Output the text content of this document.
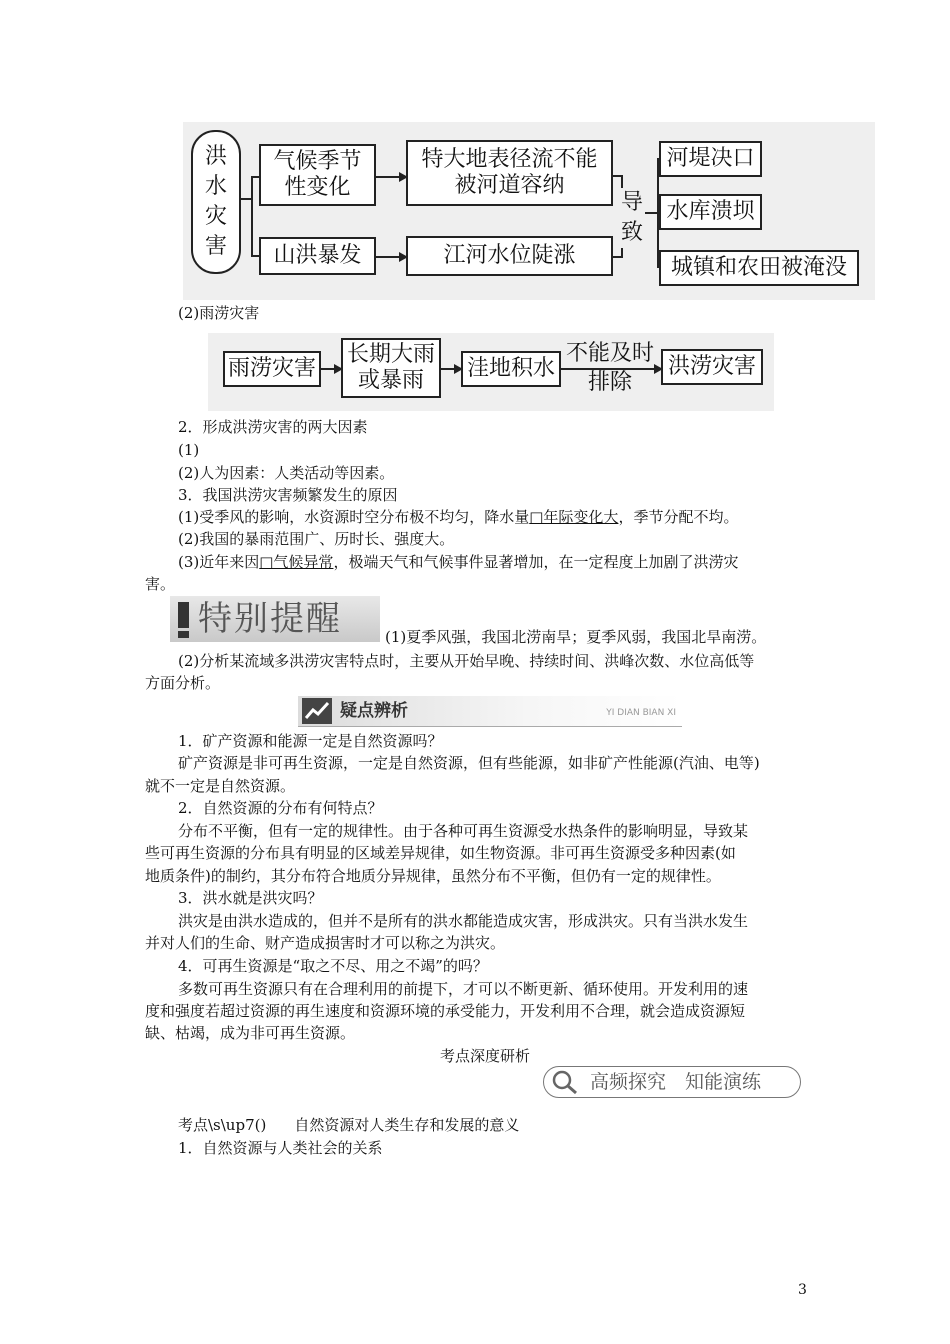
洪水灾害
气候季节性变化
山洪暴发
特大地表径流不能被河道容纳
江河水位陡涨
导致
河堤决口
水库溃坝
城镇和农田被淹没
(2)雨涝灾害
雨涝灾害
长期大雨或暴雨	洼地积水
不能及时排除
洪涝灾害
2．形成洪涝灾害的两大因素
(1)
(2)人为因素：人类活动等因素。
3．我国洪涝灾害频繁发生的原因
(1)受季风的影响，水资源时空分布极不均匀，降水量□年际变化大，季节分配不均。
(2)我国的暴雨范围广、历时长、强度大。
(3)近年来因□气候异常，极端天气和气候事件显著增加，在一定程度上加剧了洪涝灾
害。
特别提醒	(1)夏季风强，我国北涝南旱；夏季风弱，我国北旱南涝。
(2)分析某流域多洪涝灾害特点时，主要从开始早晚、持续时间、洪峰次数、水位高低等
方面分析。
疑点辨析	YI DIAN BIAN XI
1．矿产资源和能源一定是自然资源吗？
矿产资源是非可再生资源，一定是自然资源，但有些能源，如非矿产性能源(汽油、电等)
就不一定是自然资源。
2．自然资源的分布有何特点？
分布不平衡，但有一定的规律性。由于各种可再生资源受水热条件的影响明显，导致某
些可再生资源的分布具有明显的区域差异规律，如生物资源。非可再生资源受多种因素(如
地质条件)的制约，其分布符合地质分异规律，虽然分布不平衡，但仍有一定的规律性。
3．洪水就是洪灾吗？
洪灾是由洪水造成的，但并不是所有的洪水都能造成灾害，形成洪灾。只有当洪水发生
并对人们的生命、财产造成损害时才可以称之为洪灾。
4．可再生资源是“取之不尽、用之不竭”的吗？
多数可再生资源只有在合理利用的前提下，才可以不断更新、循环使用。开发利用的速
度和强度若超过资源的再生速度和资源环境的承受能力，开发利用不合理，就会造成资源短
缺、枯竭，成为非可再生资源。
考点深度研析
高频探究　知能演练
考点\s\up7() 自然资源对人类生存和发展的意义
1．自然资源与人类社会的关系
3
